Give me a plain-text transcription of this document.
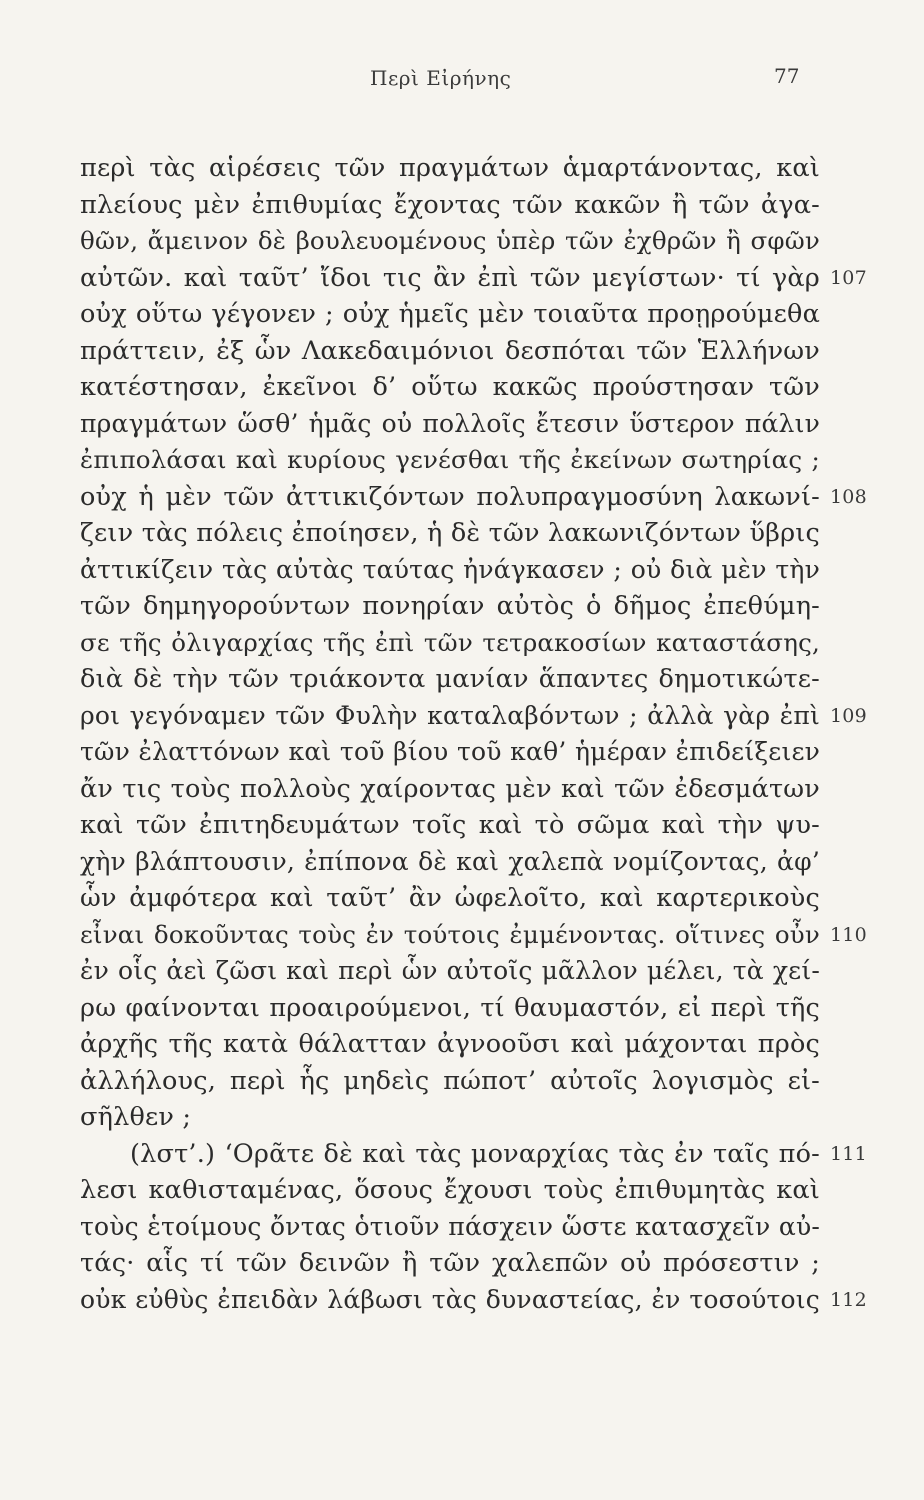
Περὶ Εἰρήνης	77
περὶ τὰς αἱρέσεις τῶν πραγμάτων ἁμαρτάνοντας, καὶ
πλείους μὲν ἐπιθυμίας ἔχοντας τῶν κακῶν ἢ τῶν ἀγα-
θῶν, ἄμεινον δὲ βουλευομένους ὑπὲρ τῶν ἐχθρῶν ἢ σφῶν
αὐτῶν. καὶ ταῦτ’ ἴδοι τις ἂν ἐπὶ τῶν μεγίστων· τί γὰρ 107
οὐχ οὕτω γέγονεν ; οὐχ ἡμεῖς μὲν τοιαῦτα προῃρούμεθα
πράττειν, ἐξ ὧν Λακεδαιμόνιοι δεσπόται τῶν Ἑλλήνων
κατέστησαν, ἐκεῖνοι δ’ οὕτω κακῶς προύστησαν τῶν
πραγμάτων ὥσθ’ ἡμᾶς οὐ πολλοῖς ἔτεσιν ὕστερον πάλιν
ἐπιπολάσαι καὶ κυρίους γενέσθαι τῆς ἐκείνων σωτηρίας ;
οὐχ ἡ μὲν τῶν ἀττικιζόντων πολυπραγμοσύνη λακωνί- 108
ζειν τὰς πόλεις ἐποίησεν, ἡ δὲ τῶν λακωνιζόντων ὕβρις
ἀττικίζειν τὰς αὐτὰς ταύτας ἠνάγκασεν ; οὐ διὰ μὲν τὴν
τῶν δημηγορούντων πονηρίαν αὐτὸς ὁ δῆμος ἐπεθύμη-
σε τῆς ὀλιγαρχίας τῆς ἐπὶ τῶν τετρακοσίων καταστάσης,
διὰ δὲ τὴν τῶν τριάκοντα μανίαν ἅπαντες δημοτικώτε-
ροι γεγόναμεν τῶν Φυλὴν καταλαβόντων ; ἀλλὰ γὰρ ἐπὶ 109
τῶν ἐλαττόνων καὶ τοῦ βίου τοῦ καθ’ ἡμέραν ἐπιδείξειεν
ἄν τις τοὺς πολλοὺς χαίροντας μὲν καὶ τῶν ἐδεσμάτων
καὶ τῶν ἐπιτηδευμάτων τοῖς καὶ τὸ σῶμα καὶ τὴν ψυ-
χὴν βλάπτουσιν, ἐπίπονα δὲ καὶ χαλεπὰ νομίζοντας, ἀφ’
ὧν ἀμφότερα καὶ ταῦτ’ ἂν ὠφελοῖτο, καὶ καρτερικοὺς
εἶναι δοκοῦντας τοὺς ἐν τούτοις ἐμμένοντας. οἵτινες οὖν 110
ἐν οἷς ἀεὶ ζῶσι καὶ περὶ ὧν αὐτοῖς μᾶλλον μέλει, τὰ χεί-
ρω φαίνονται προαιρούμενοι, τί θαυμαστόν, εἰ περὶ τῆς
ἀρχῆς τῆς κατὰ θάλατταν ἀγνοοῦσι καὶ μάχονται πρὸς
ἀλλήλους, περὶ ἧς μηδεὶς πώποτ’ αὐτοῖς λογισμὸς εἰ-
σῆλθεν ;
(λστ’.) ‘Ορᾶτε δὲ καὶ τὰς μοναρχίας τὰς ἐν ταῖς πό- 111
λεσι καθισταμένας, ὅσους ἔχουσι τοὺς ἐπιθυμητὰς καὶ
τοὺς ἑτοίμους ὄντας ὁτιοῦν πάσχειν ὥστε κατασχεῖν αὐ-
τάς· αἷς τί τῶν δεινῶν ἢ τῶν χαλεπῶν οὐ πρόσεστιν ;
οὐκ εὐθὺς ἐπειδὰν λάβωσι τὰς δυναστείας, ἐν τοσούτοις 112
